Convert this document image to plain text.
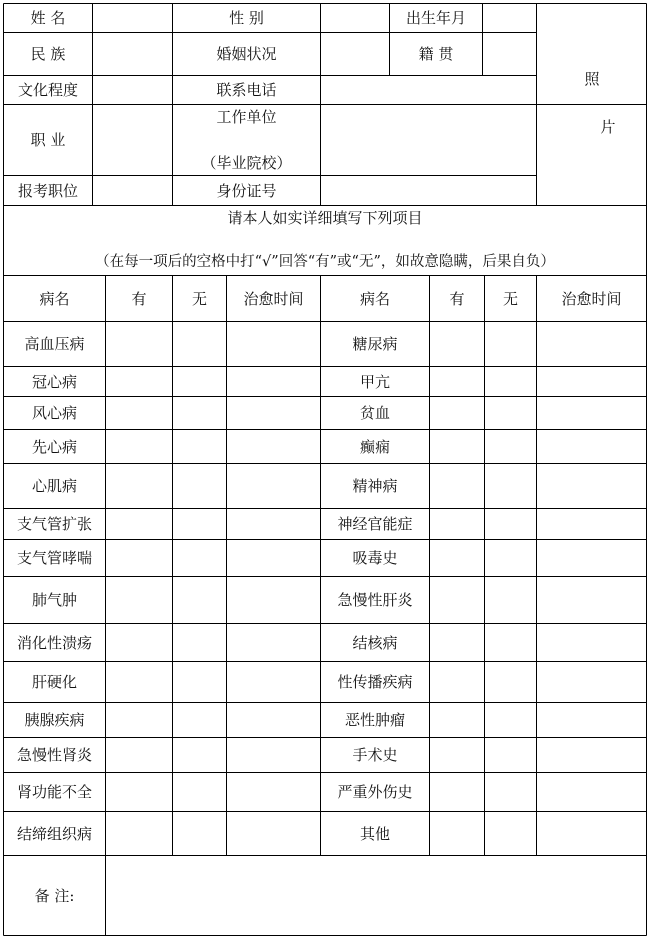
姓 名	性 别	出生年月
民 族	婚姻状况	籍 贯
文化程度	联系电话
职 业
工作单位
（毕业院校）
报考职位	身份证号
照
片
请本人如实详细填写下列项目
（在每一项后的空格中打“√”回答“有”或“无”，如故意隐瞒，后果自负）
病名	有	无	治愈时间	病名	有	无	治愈时间
高血压病	糖尿病
冠心病	甲亢
风心病	贫血
先心病	癫痫
心肌病	精神病
支气管扩张	神经官能症
支气管哮喘	吸毒史
肺气肿	急慢性肝炎
消化性溃疡	结核病
肝硬化	性传播疾病
胰腺疾病	恶性肿瘤
急慢性肾炎	手术史
肾功能不全	严重外伤史
结缔组织病	其他
备 注:
